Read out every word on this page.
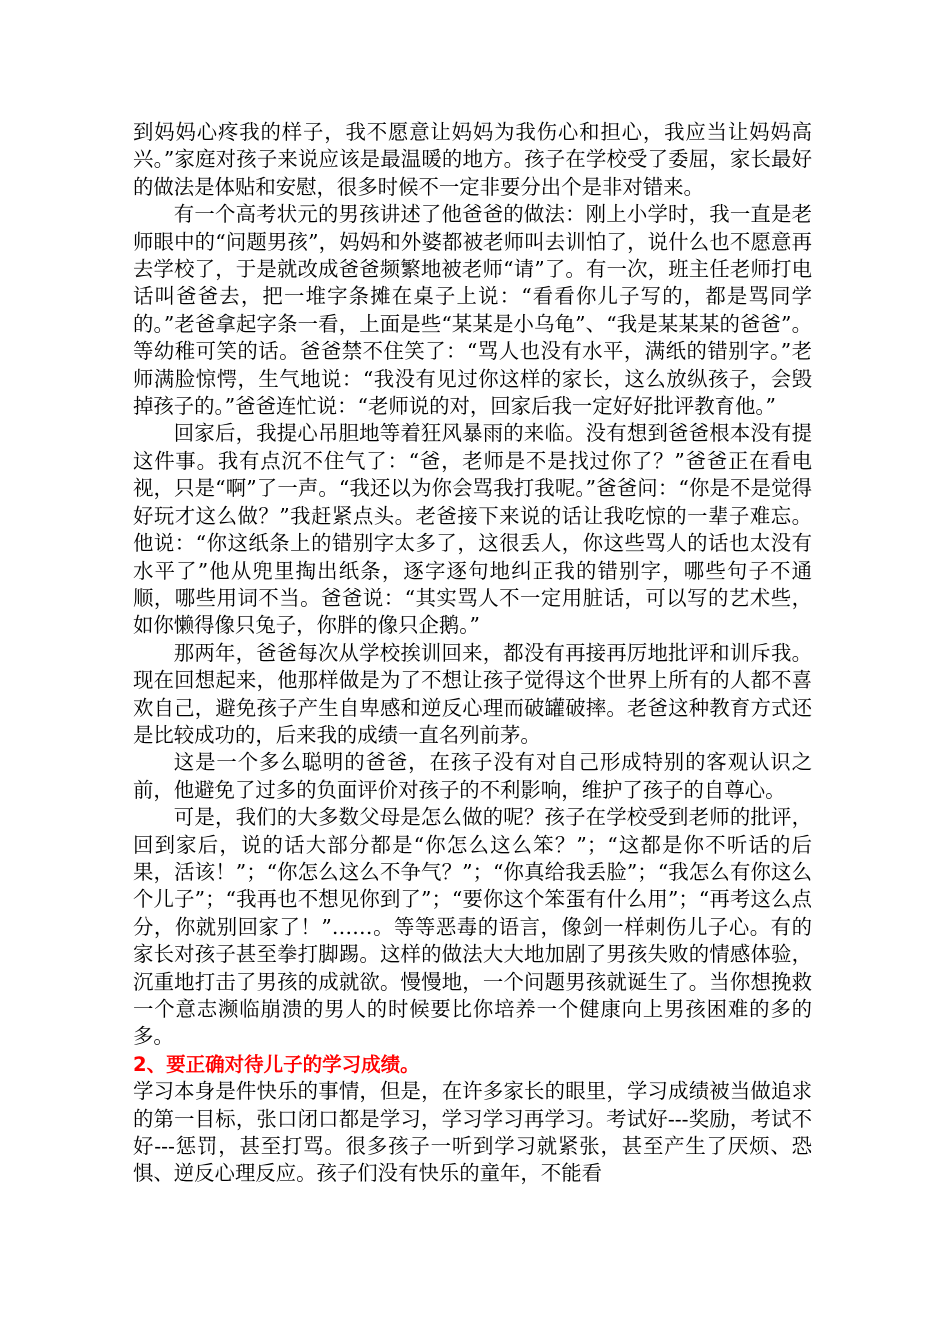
到妈妈心疼我的样子，我不愿意让妈妈为我伤心和担心，我应当让妈妈高兴。”家庭对孩子来说应该是最温暖的地方。孩子在学校受了委屈，家长最好的做法是体贴和安慰，很多时候不一定非要分出个是非对错来。

有一个高考状元的男孩讲述了他爸爸的做法：刚上小学时，我一直是老师眼中的“问题男孩”，妈妈和外婆都被老师叫去训怕了，说什么也不愿意再去学校了，于是就改成爸爸频繁地被老师“请”了。有一次，班主任老师打电话叫爸爸去，把一堆字条摊在桌子上说：“看看你儿子写的，都是骂同学的。”老爸拿起字条一看，上面是些“某某是小乌龟”、“我是某某某的爸爸”。等幼稚可笑的话。爸爸禁不住笑了：“骂人也没有水平，满纸的错别字。”老师满脸惊愕，生气地说：“我没有见过你这样的家长，这么放纵孩子，会毁掉孩子的。”爸爸连忙说：“老师说的对，回家后我一定好好批评教育他。”

回家后，我提心吊胆地等着狂风暴雨的来临。没有想到爸爸根本没有提这件事。我有点沉不住气了：“爸，老师是不是找过你了？”爸爸正在看电视，只是“啊”了一声。“我还以为你会骂我打我呢。”爸爸问：“你是不是觉得好玩才这么做？”我赶紧点头。老爸接下来说的话让我吃惊的一辈子难忘。他说：“你这纸条上的错别字太多了，这很丢人，你这些骂人的话也太没有水平了”他从兜里掏出纸条，逐字逐句地纠正我的错别字，哪些句子不通顺，哪些用词不当。爸爸说：“其实骂人不一定用脏话，可以写的艺术些，如你懒得像只兔子，你胖的像只企鹅。”

那两年，爸爸每次从学校挨训回来，都没有再接再厉地批评和训斥我。现在回想起来，他那样做是为了不想让孩子觉得这个世界上所有的人都不喜欢自己，避免孩子产生自卑感和逆反心理而破罐破摔。老爸这种教育方式还是比较成功的，后来我的成绩一直名列前茅。

这是一个多么聪明的爸爸，在孩子没有对自己形成特别的客观认识之前，他避免了过多的负面评价对孩子的不利影响，维护了孩子的自尊心。

可是，我们的大多数父母是怎么做的呢？孩子在学校受到老师的批评，回到家后，说的话大部分都是“你怎么这么笨？”；“这都是你不听话的后果，活该！”；“你怎么这么不争气？”；“你真给我丢脸”；“我怎么有你这么个儿子”；“我再也不想见你到了”；“要你这个笨蛋有什么用”；“再考这么点分，你就别回家了！”……。等等恶毒的语言，像剑一样刺伤儿子心。有的家长对孩子甚至拳打脚踢。这样的做法大大地加剧了男孩失败的情感体验，沉重地打击了男孩的成就欲。慢慢地，一个问题男孩就诞生了。当你想挽救一个意志濒临崩溃的男人的时候要比你培养一个健康向上男孩困难的多的多。

2、要正确对待儿子的学习成绩。

学习本身是件快乐的事情，但是，在许多家长的眼里，学习成绩被当做追求的第一目标，张口闭口都是学习，学习学习再学习。考试好---奖励，考试不好---惩罚，甚至打骂。很多孩子一听到学习就紧张，甚至产生了厌烦、恐惧、逆反心理反应。孩子们没有快乐的童年，不能看
